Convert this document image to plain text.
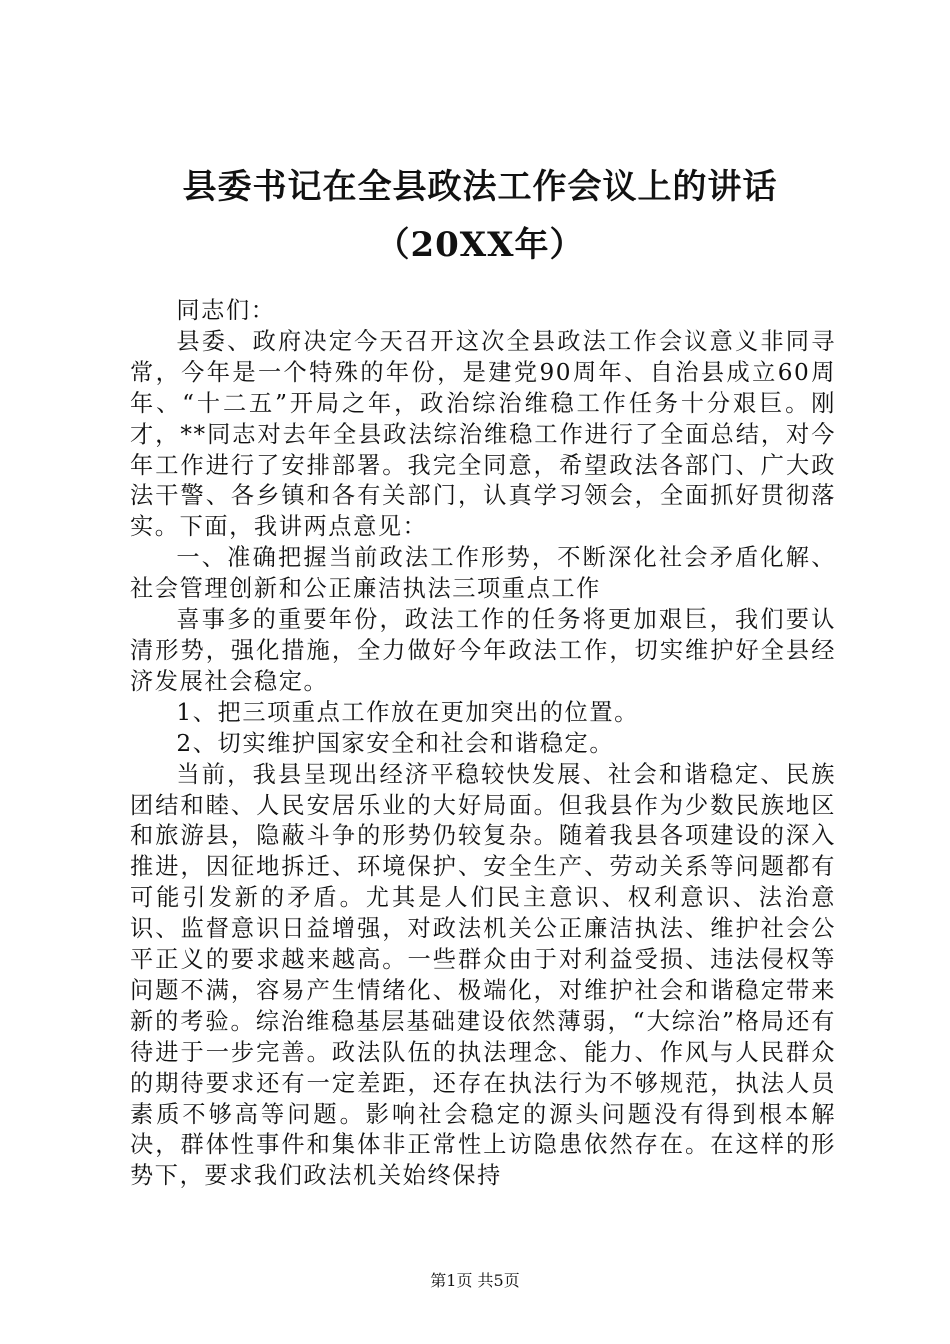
县委书记在全县政法工作会议上的讲话（20XX年）

同志们：

县委、政府决定今天召开这次全县政法工作会议意义非同寻常，今年是一个特殊的年份，是建党90周年、自治县成立60周年、“十二五”开局之年，政治综治维稳工作任务十分艰巨。刚才，**同志对去年全县政法综治维稳工作进行了全面总结，对今年工作进行了安排部署。我完全同意，希望政法各部门、广大政法干警、各乡镇和各有关部门，认真学习领会，全面抓好贯彻落实。下面，我讲两点意见：

一、准确把握当前政法工作形势，不断深化社会矛盾化解、社会管理创新和公正廉洁执法三项重点工作

喜事多的重要年份，政法工作的任务将更加艰巨，我们要认清形势，强化措施，全力做好今年政法工作，切实维护好全县经济发展社会稳定。

1、把三项重点工作放在更加突出的位置。

2、切实维护国家安全和社会和谐稳定。

当前，我县呈现出经济平稳较快发展、社会和谐稳定、民族团结和睦、人民安居乐业的大好局面。但我县作为少数民族地区和旅游县，隐蔽斗争的形势仍较复杂。随着我县各项建设的深入推进，因征地拆迁、环境保护、安全生产、劳动关系等问题都有可能引发新的矛盾。尤其是人们民主意识、权利意识、法治意识、监督意识日益增强，对政法机关公正廉洁执法、维护社会公平正义的要求越来越高。一些群众由于对利益受损、违法侵权等问题不满，容易产生情绪化、极端化，对维护社会和谐稳定带来新的考验。综治维稳基层基础建设依然薄弱，“大综治”格局还有待进于一步完善。政法队伍的执法理念、能力、作风与人民群众的期待要求还有一定差距，还存在执法行为不够规范，执法人员素质不够高等问题。影响社会稳定的源头问题没有得到根本解决，群体性事件和集体非正常性上访隐患依然存在。在这样的形势下，要求我们政法机关始终保持

第1页 共5页
